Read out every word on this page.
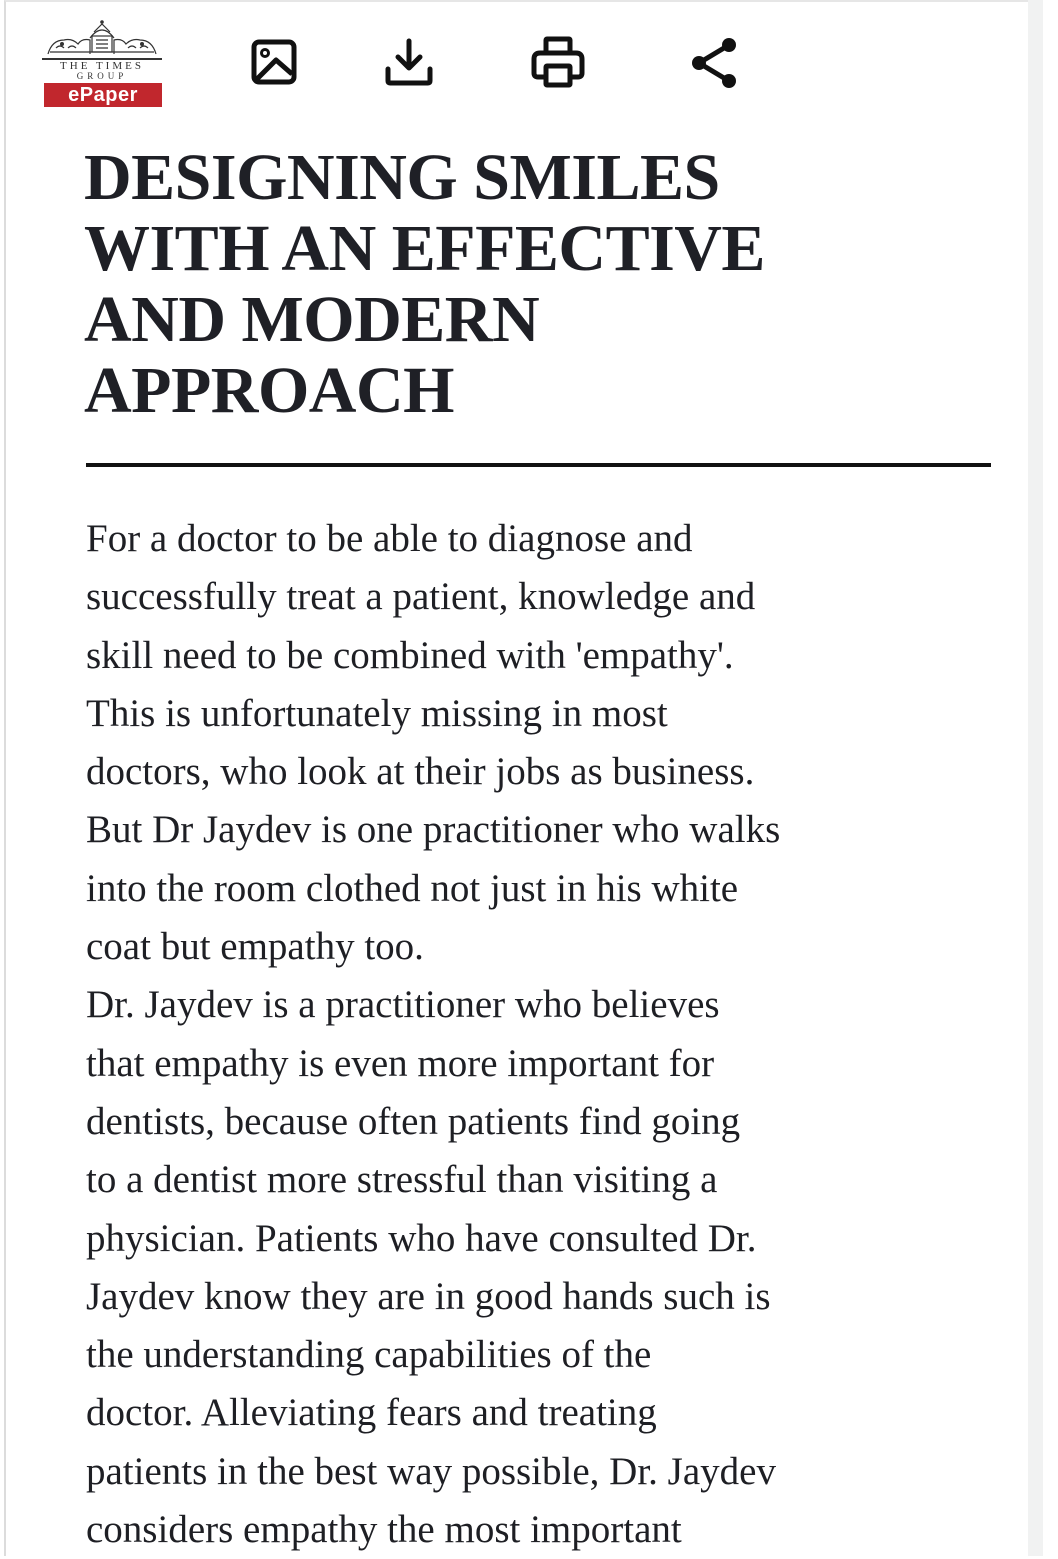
THE TIMES
GROUP
ePaper
DESIGNING SMILES
WITH AN EFFECTIVE
AND MODERN
APPROACH

For a doctor to be able to diagnose and
successfully treat a patient, knowledge and
skill need to be combined with 'empathy'.
This is unfortunately missing in most
doctors, who look at their jobs as business.
But Dr Jaydev is one practitioner who walks
into the room clothed not just in his white
coat but empathy too.

Dr. Jaydev is a practitioner who believes
that empathy is even more important for
dentists, because often patients find going
to a dentist more stressful than visiting a
physician. Patients who have consulted Dr.
Jaydev know they are in good hands such is
the understanding capabilities of the
doctor. Alleviating fears and treating
patients in the best way possible, Dr. Jaydev
considers empathy the most important
